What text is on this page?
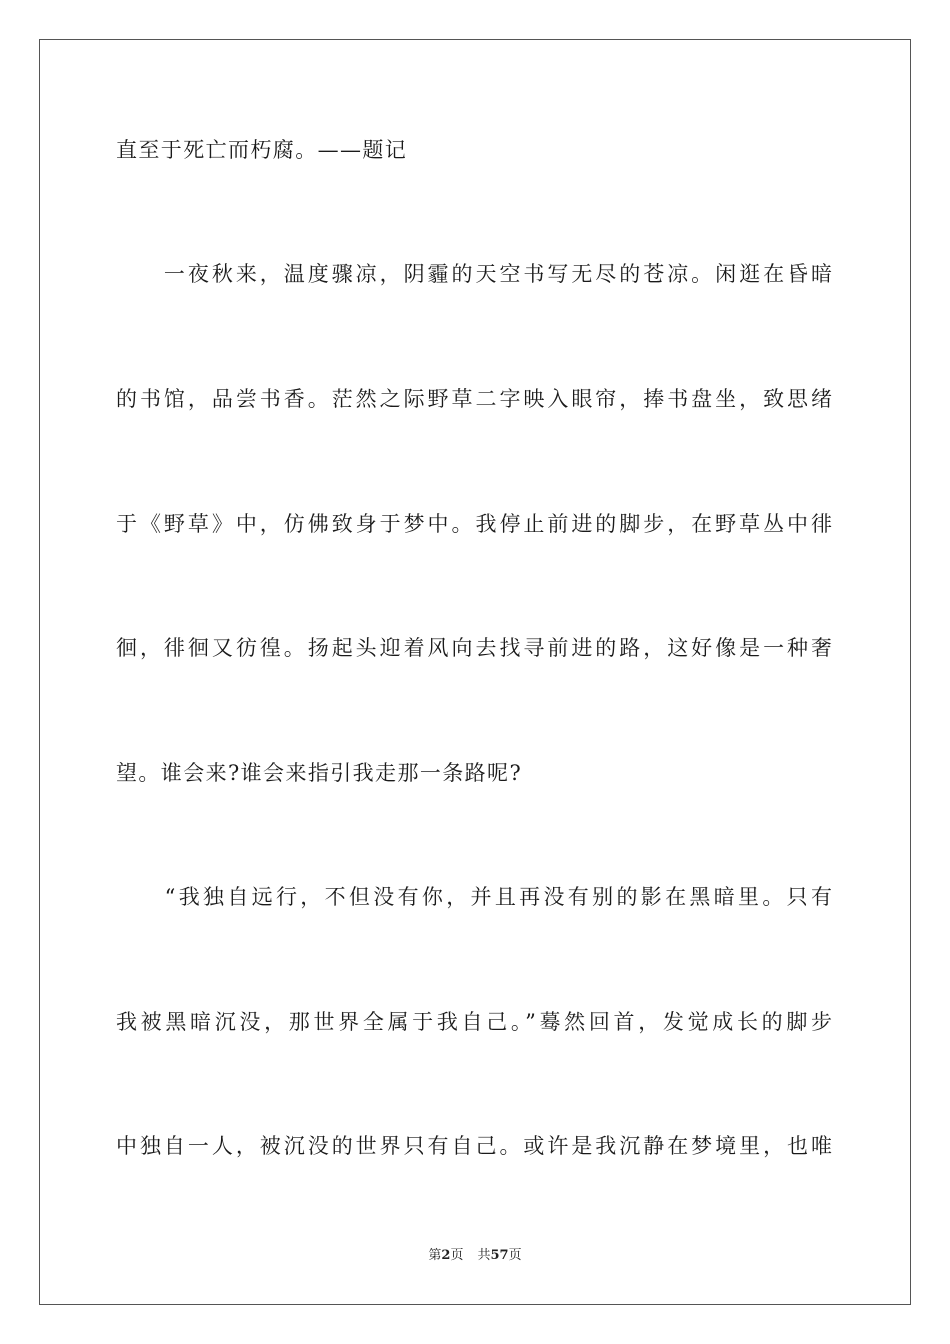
直至于死亡而朽腐。——题记
　　一夜秋来，温度骤凉，阴霾的天空书写无尽的苍凉。闲逛在昏暗
的书馆，品尝书香。茫然之际野草二字映入眼帘，捧书盘坐，致思绪
于《野草》中，仿佛致身于梦中。我停止前进的脚步，在野草丛中徘
徊，徘徊又彷徨。扬起头迎着风向去找寻前进的路，这好像是一种奢
望。谁会来?谁会来指引我走那一条路呢?
　　“我独自远行，不但没有你，并且再没有别的影在黑暗里。只有
我被黑暗沉没，那世界全属于我自己。”蓦然回首，发觉成长的脚步
中独自一人，被沉没的世界只有自己。或许是我沉静在梦境里，也唯
第2页 共57页
